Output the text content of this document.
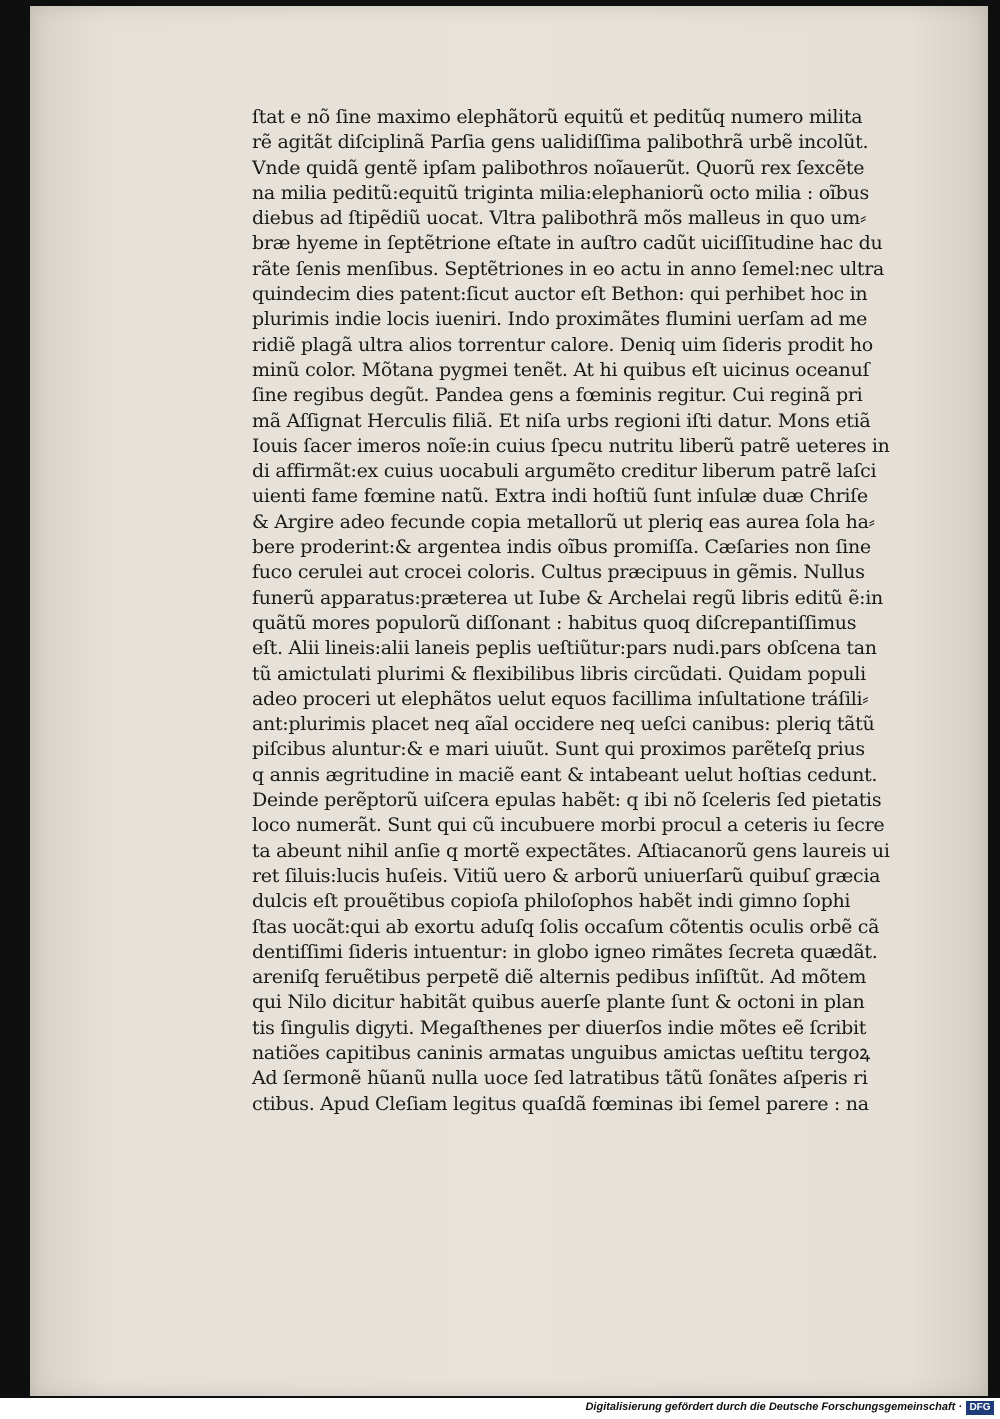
ſtat e nõ ſine maximo elephãtorũ equitũ et peditũq numero milita
rẽ agitãt diſciplinã Parſia gens ualidiſſima palibothrã urbẽ incolũt.
Vnde quidã gentẽ ipſam palibothros noĩauerũt. Quorũ rex ſexcẽte
na milia peditũ:equitũ triginta milia:elephaniorũ octo milia : oĩbus
diebus ad ſtipẽdiũ uocat. Vltra palibothrã mõs malleus in quo um⸗
bræ hyeme in ſeptẽtrione eſtate in auſtro cadũt uiciſſitudine hac du
rãte ſenis menſibus. Septẽtriones in eo actu in anno ſemel:nec ultra
quindecim dies patent:ſicut auctor eſt Bethon: qui perhibet hoc in
plurimis indie locis iueniri. Indo proximãtes flumini uerſam ad me
ridiẽ plagã ultra alios torrentur calore. Deniq uim ſideris prodit ho
minũ color. Mõtana pygmei tenẽt. At hi quibus eſt uicinus oceanuſ
ſine regibus degũt. Pandea gens a fœminis regitur. Cui reginã pri
mã Aſſignat Herculis filiã. Et niſa urbs regioni iſti datur. Mons etiã
Iouis ſacer imeros noĩe:in cuius ſpecu nutritu liberũ patrẽ ueteres in
di affirmãt:ex cuius uocabuli argumẽto creditur liberum patrẽ laſci
uienti fame fœmine natũ. Extra indi hoſtiũ ſunt inſulæ duæ Chriſe
& Argire adeo fecunde copia metallorũ ut pleriq eas aurea ſola ha⸗
bere proderint:& argentea indis oĩbus promiſſa. Cæſaries non ſine
fuco cerulei aut crocei coloris. Cultus præcipuus in gẽmis. Nullus
funerũ apparatus:præterea ut Iube & Archelai regũ libris editũ ẽ:in
quãtũ mores populorũ diſſonant : habitus quoq diſcrepantiſſimus
eſt. Alii lineis:alii laneis peplis ueſtiũtur:pars nudi.pars obſcena tan
tũ amictulati plurimi & flexibilibus libris circũdati. Quidam populi
adeo proceri ut elephãtos uelut equos facillima inſultatione tráſili⸗
ant:plurimis placet neq aĩal occidere neq ueſci canibus: pleriq tãtũ
piſcibus aluntur:& e mari uiuũt. Sunt qui proximos parẽteſq prius
q annis ægritudine in maciẽ eant & intabeant uelut hoſtias cedunt.
Deinde perẽptorũ uiſcera epulas habẽt: q ibi nõ ſceleris ſed pietatis
loco numerãt. Sunt qui cũ incubuere morbi procul a ceteris iu ſecre
ta abeunt nihil anſie q mortẽ expectãtes. Aſtiacanorũ gens laureis ui
ret ſiluis:lucis huſeis. Vitiũ uero & arborũ uniuerſarũ quibuſ græcia
dulcis eſt prouẽtibus copioſa philoſophos habẽt indi gimno ſophi
ſtas uocãt:qui ab exortu aduſq ſolis occaſum cõtentis oculis orbẽ cã
dentiſſimi ſideris intuentur: in globo igneo rimãtes ſecreta quædãt.
areniſq feruẽtibus perpetẽ diẽ alternis pedibus inſiſtũt. Ad mõtem
qui Nilo dicitur habitãt quibus auerſe plante ſunt & octoni in plan
tis ſingulis digyti. Megaſthenes per diuerſos indie mõtes eẽ ſcribit
natiões capitibus caninis armatas unguibus amictas ueſtitu tergoꝝ
Ad ſermonẽ hũanũ nulla uoce ſed latratibus tãtũ ſonãtes aſperis ri
ctibus. Apud Cleſiam legitus quaſdã fœminas ibi ſemel parere : na
Digitalisierung gefördert durch die Deutsche Forschungsgemeinschaft · DFG
